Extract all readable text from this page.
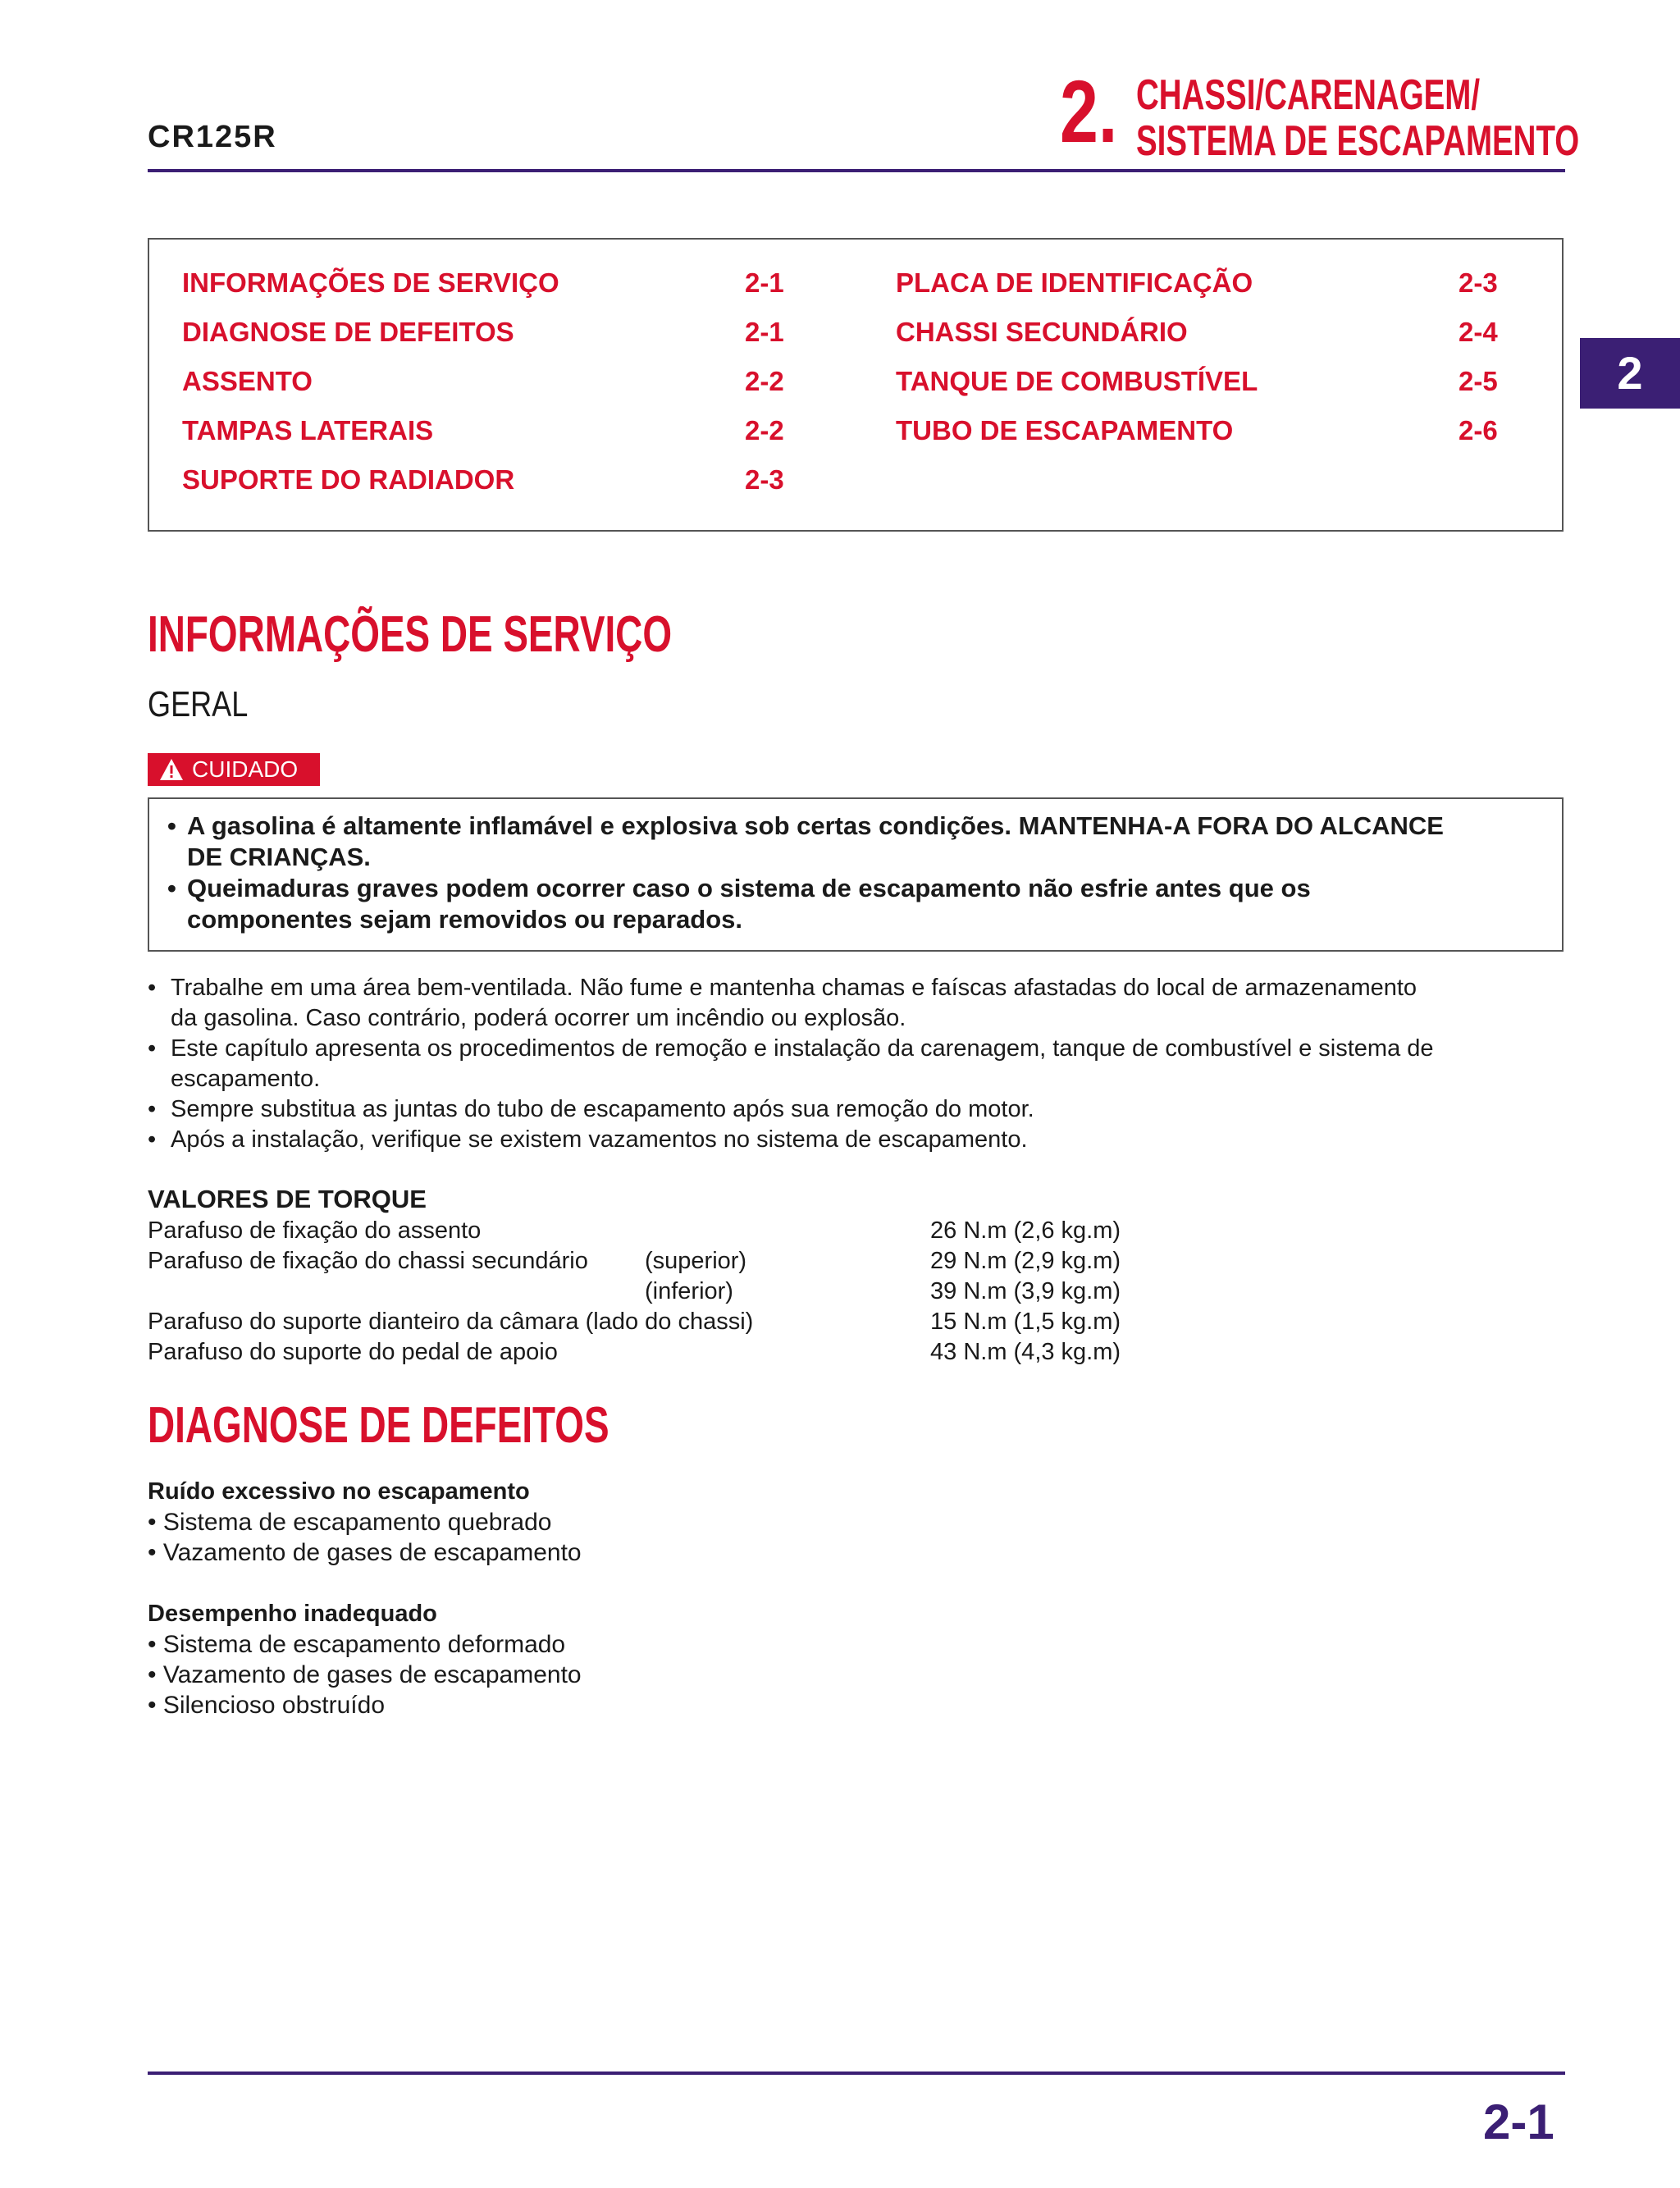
CR125R	2. CHASSI/CARENAGEM/
SISTEMA DE ESCAPAMENTO
2
INFORMAÇÕES DE SERVIÇO	2-1
DIAGNOSE DE DEFEITOS	2-1
ASSENTO	2-2
TAMPAS LATERAIS	2-2
SUPORTE DO RADIADOR	2-3
PLACA DE IDENTIFICAÇÃO	2-3
CHASSI SECUNDÁRIO	2-4
TANQUE DE COMBUSTÍVEL	2-5
TUBO DE ESCAPAMENTO	2-6
INFORMAÇÕES DE SERVIÇO
GERAL
CUIDADO
• A gasolina é altamente inflamável e explosiva sob certas condições. MANTENHA-A FORA DO ALCANCE
DE CRIANÇAS.
• Queimaduras graves podem ocorrer caso o sistema de escapamento não esfrie antes que os
componentes sejam removidos ou reparados.
• Trabalhe em uma área bem-ventilada. Não fume e mantenha chamas e faíscas afastadas do local de armazenamento
da gasolina. Caso contrário, poderá ocorrer um incêndio ou explosão.
• Este capítulo apresenta os procedimentos de remoção e instalação da carenagem, tanque de combustível e sistema de
escapamento.
• Sempre substitua as juntas do tubo de escapamento após sua remoção do motor.
• Após a instalação, verifique se existem vazamentos no sistema de escapamento.
VALORES DE TORQUE
Parafuso de fixação do assento	26 N.m (2,6 kg.m)
Parafuso de fixação do chassi secundário (superior)	29 N.m (2,9 kg.m)
(inferior)	39 N.m (3,9 kg.m)
Parafuso do suporte dianteiro da câmara (lado do chassi)	15 N.m (1,5 kg.m)
Parafuso do suporte do pedal de apoio	43 N.m (4,3 kg.m)
DIAGNOSE DE DEFEITOS
Ruído excessivo no escapamento
• Sistema de escapamento quebrado
• Vazamento de gases de escapamento
Desempenho inadequado
• Sistema de escapamento deformado
• Vazamento de gases de escapamento
• Silencioso obstruído
2-1
